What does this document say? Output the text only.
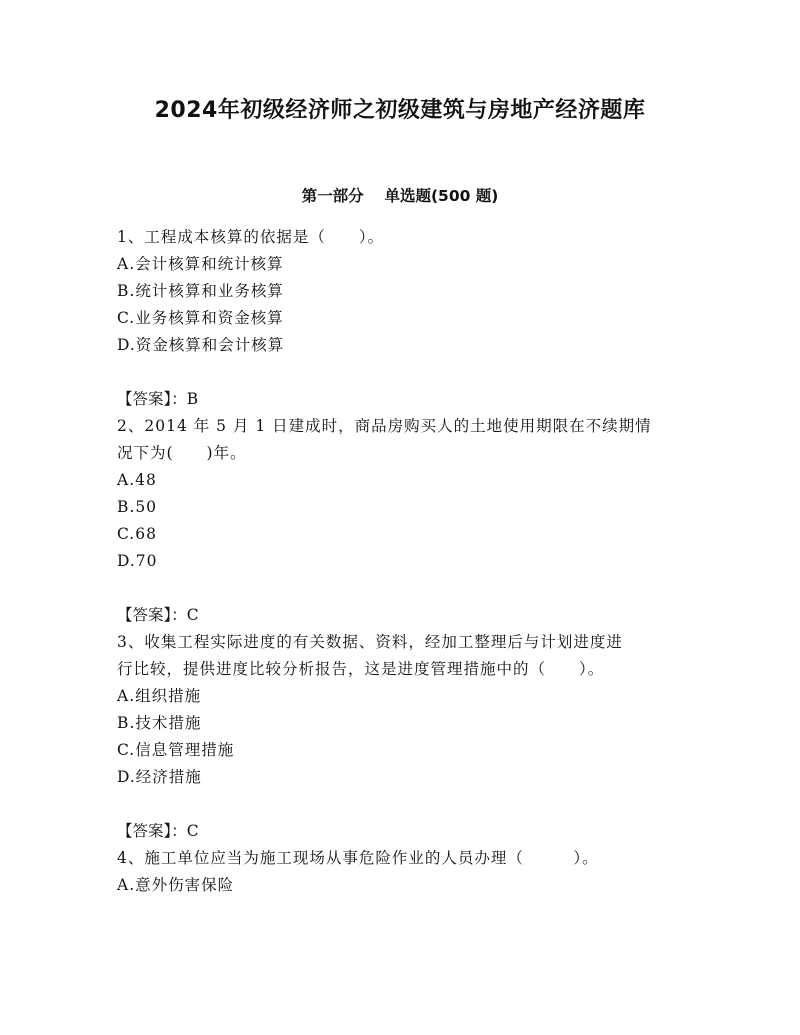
2024年初级经济师之初级建筑与房地产经济题库
第一部分　 单选题(500 题)
1、工程成本核算的依据是（　　）。
A.会计核算和统计核算
B.统计核算和业务核算
C.业务核算和资金核算
D.资金核算和会计核算
【答案】：B
2、2014 年 5 月 1 日建成时，商品房购买人的土地使用期限在不续期情
况下为(　　)年。
A.48
B.50
C.68
D.70
【答案】：C
3、收集工程实际进度的有关数据、资料，经加工整理后与计划进度进
行比较，提供进度比较分析报告，这是进度管理措施中的（　　）。
A.组织措施
B.技术措施
C.信息管理措施
D.经济措施
【答案】：C
4、施工单位应当为施工现场从事危险作业的人员办理（　　　）。
A.意外伤害保险
